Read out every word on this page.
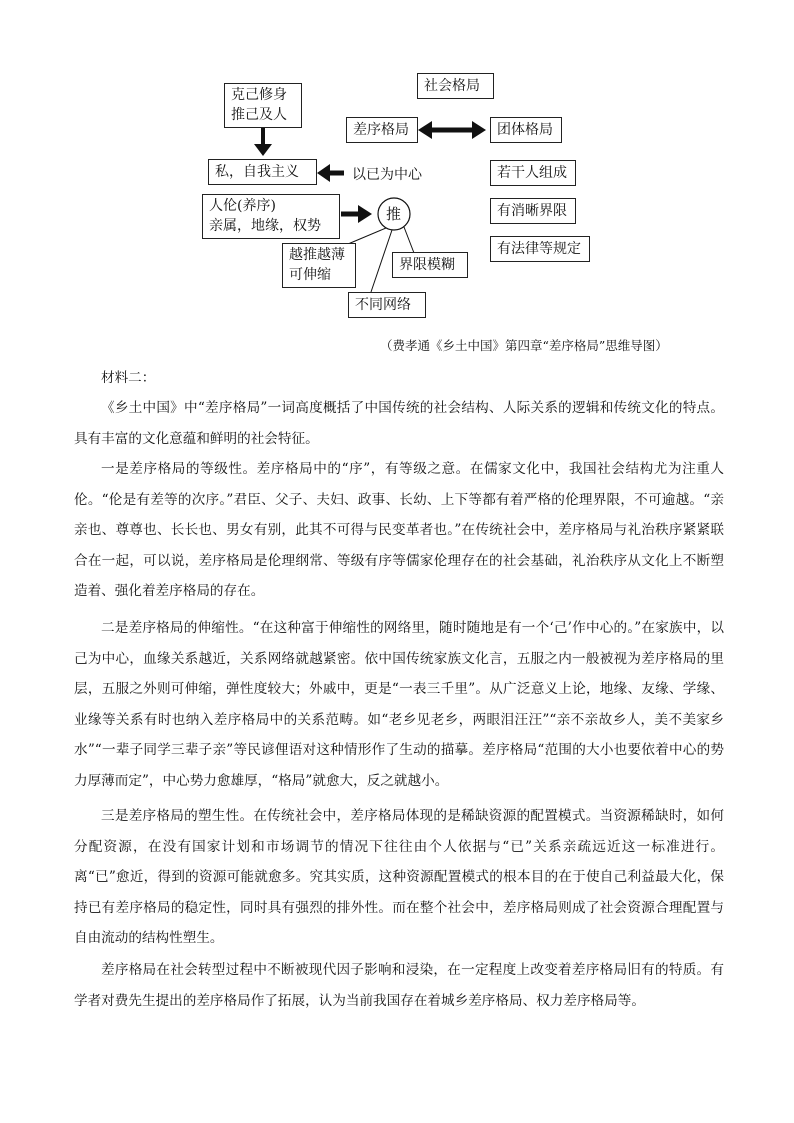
克己修身
推己及人
私，自我主义	以已为中心
人伦(养序)
亲属，地缘，权势
推
越推越薄
可伸缩
不同网络
界限模糊
社会格局
差序格局	团体格局
若干人组成
有消晰界限
有法律等规定
（费孝通《乡土中国》第四章“差序格局”思维导图）
材料二：

《乡土中国》中“差序格局”一词高度概括了中国传统的社会结构、人际关系的逻辑和传统文化的特点。具有丰富的文化意蕴和鲜明的社会特征。

一是差序格局的等级性。差序格局中的“序”，有等级之意。在儒家文化中，我国社会结构尤为注重人伦。“伦是有差等的次序。”君臣、父子、夫妇、政事、长幼、上下等都有着严格的伦理界限，不可逾越。“亲亲也、尊尊也、长长也、男女有别，此其不可得与民变革者也。”在传统社会中，差序格局与礼治秩序紧紧联合在一起，可以说，差序格局是伦理纲常、等级有序等儒家伦理存在的社会基础，礼治秩序从文化上不断塑造着、强化着差序格局的存在。

二是差序格局的伸缩性。“在这种富于伸缩性的网络里，随时随地是有一个‘己’作中心的。”在家族中，以己为中心，血缘关系越近，关系网络就越紧密。依中国传统家族文化言，五服之内一般被视为差序格局的里层，五服之外则可伸缩，弹性度较大；外戚中，更是“一表三千里”。从广泛意义上论，地缘、友缘、学缘、业缘等关系有时也纳入差序格局中的关系范畴。如“老乡见老乡，两眼泪汪汪”“亲不亲故乡人，美不美家乡水”“一辈子同学三辈子亲”等民谚俚语对这种情形作了生动的描摹。差序格局“范围的大小也要依着中心的势力厚薄而定”，中心势力愈雄厚，“格局”就愈大，反之就越小。

三是差序格局的塑生性。在传统社会中，差序格局体现的是稀缺资源的配置模式。当资源稀缺时，如何分配资源，在没有国家计划和市场调节的情况下往往由个人依据与“已”关系亲疏远近这一标准进行。离“已”愈近，得到的资源可能就愈多。究其实质，这种资源配置模式的根本目的在于使自己利益最大化，保持已有差序格局的稳定性，同时具有强烈的排外性。而在整个社会中，差序格局则成了社会资源合理配置与自由流动的结构性塑生。

差序格局在社会转型过程中不断被现代因子影响和浸染，在一定程度上改变着差序格局旧有的特质。有学者对费先生提出的差序格局作了拓展，认为当前我国存在着城乡差序格局、权力差序格局等。
